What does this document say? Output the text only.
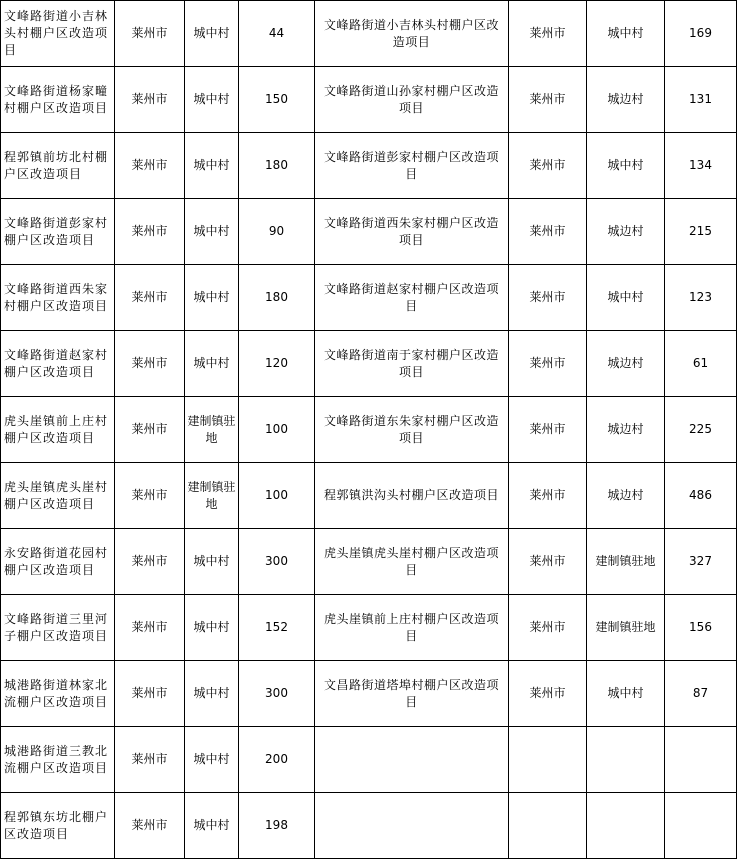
文峰路街道小吉林头村棚户区改造项目	莱州市	城中村	44	文峰路街道小吉林头村棚户区改造项目	莱州市	城中村	169
文峰路街道杨家疃村棚户区改造项目	莱州市	城中村	150	文峰路街道山孙家村棚户区改造项目	莱州市	城边村	131
程郭镇前坊北村棚户区改造项目	莱州市	城中村	180	文峰路街道彭家村棚户区改造项目	莱州市	城中村	134
文峰路街道彭家村棚户区改造项目	莱州市	城中村	90	文峰路街道西朱家村棚户区改造项目	莱州市	城边村	215
文峰路街道西朱家村棚户区改造项目	莱州市	城中村	180	文峰路街道赵家村棚户区改造项目	莱州市	城中村	123
文峰路街道赵家村棚户区改造项目	莱州市	城中村	120	文峰路街道南于家村棚户区改造项目	莱州市	城边村	61
虎头崖镇前上庄村棚户区改造项目	莱州市	建制镇驻地	100	文峰路街道东朱家村棚户区改造项目	莱州市	城边村	225
虎头崖镇虎头崖村棚户区改造项目	莱州市	建制镇驻地	100	程郭镇洪沟头村棚户区改造项目	莱州市	城边村	486
永安路街道花园村棚户区改造项目	莱州市	城中村	300	虎头崖镇虎头崖村棚户区改造项目	莱州市	建制镇驻地	327
文峰路街道三里河子棚户区改造项目	莱州市	城中村	152	虎头崖镇前上庄村棚户区改造项目	莱州市	建制镇驻地	156
城港路街道林家北流棚户区改造项目	莱州市	城中村	300	文昌路街道塔埠村棚户区改造项目	莱州市	城中村	87
城港路街道三教北流棚户区改造项目	莱州市	城中村	200				
程郭镇东坊北棚户区改造项目	莱州市	城中村	198				
